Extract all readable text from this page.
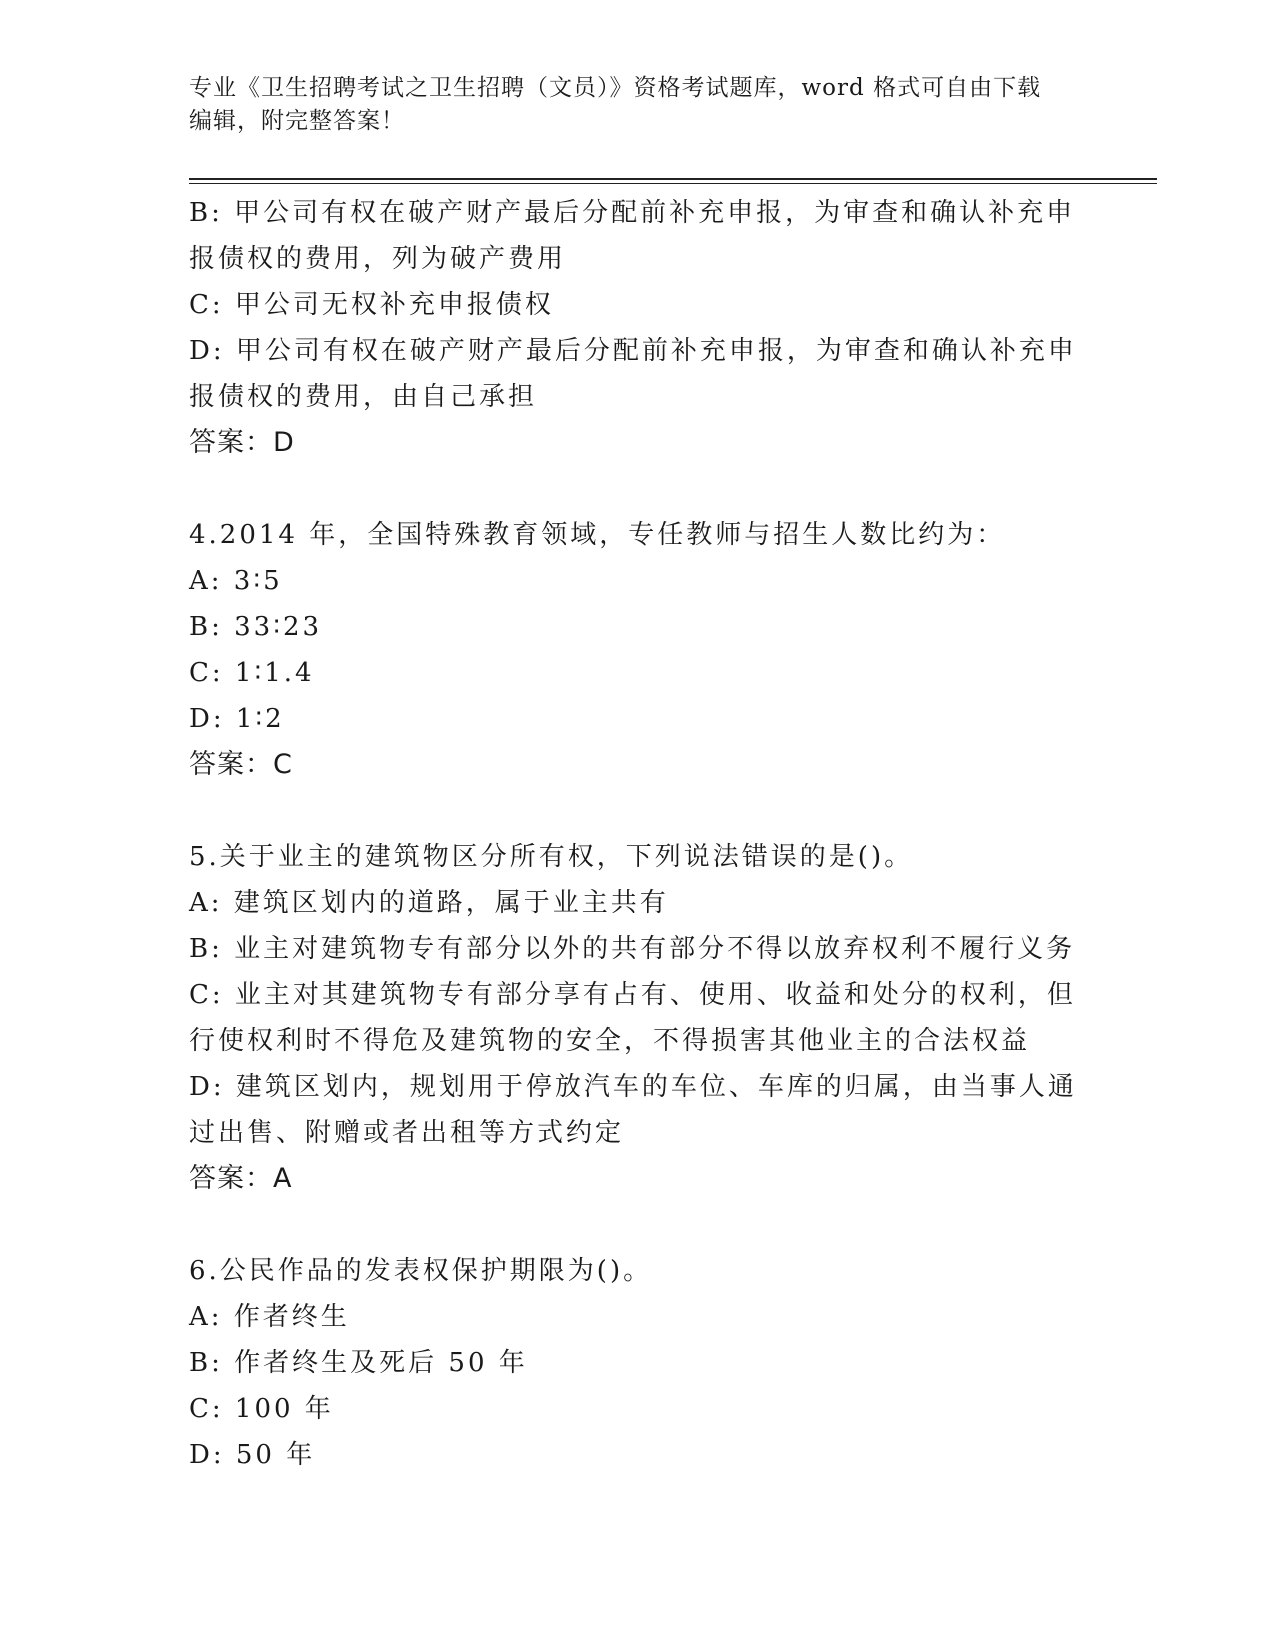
专业《卫生招聘考试之卫生招聘（文员）》资格考试题库，word 格式可自由下载
编辑，附完整答案！
B: 甲公司有权在破产财产最后分配前补充申报，为审查和确认补充申
报债权的费用，列为破产费用
C: 甲公司无权补充申报债权
D: 甲公司有权在破产财产最后分配前补充申报，为审查和确认补充申
报债权的费用，由自己承担
答案：D
4.2014 年，全国特殊教育领域，专任教师与招生人数比约为：
A: 3∶5
B: 33∶23
C: 1∶1.4
D: 1∶2
答案：C
5.关于业主的建筑物区分所有权，下列说法错误的是()。
A: 建筑区划内的道路，属于业主共有
B: 业主对建筑物专有部分以外的共有部分不得以放弃权利不履行义务
C: 业主对其建筑物专有部分享有占有、使用、收益和处分的权利，但
行使权利时不得危及建筑物的安全，不得损害其他业主的合法权益
D: 建筑区划内，规划用于停放汽车的车位、车库的归属，由当事人通
过出售、附赠或者出租等方式约定
答案：A
6.公民作品的发表权保护期限为()。
A: 作者终生
B: 作者终生及死后 50 年
C: 100 年
D: 50 年
